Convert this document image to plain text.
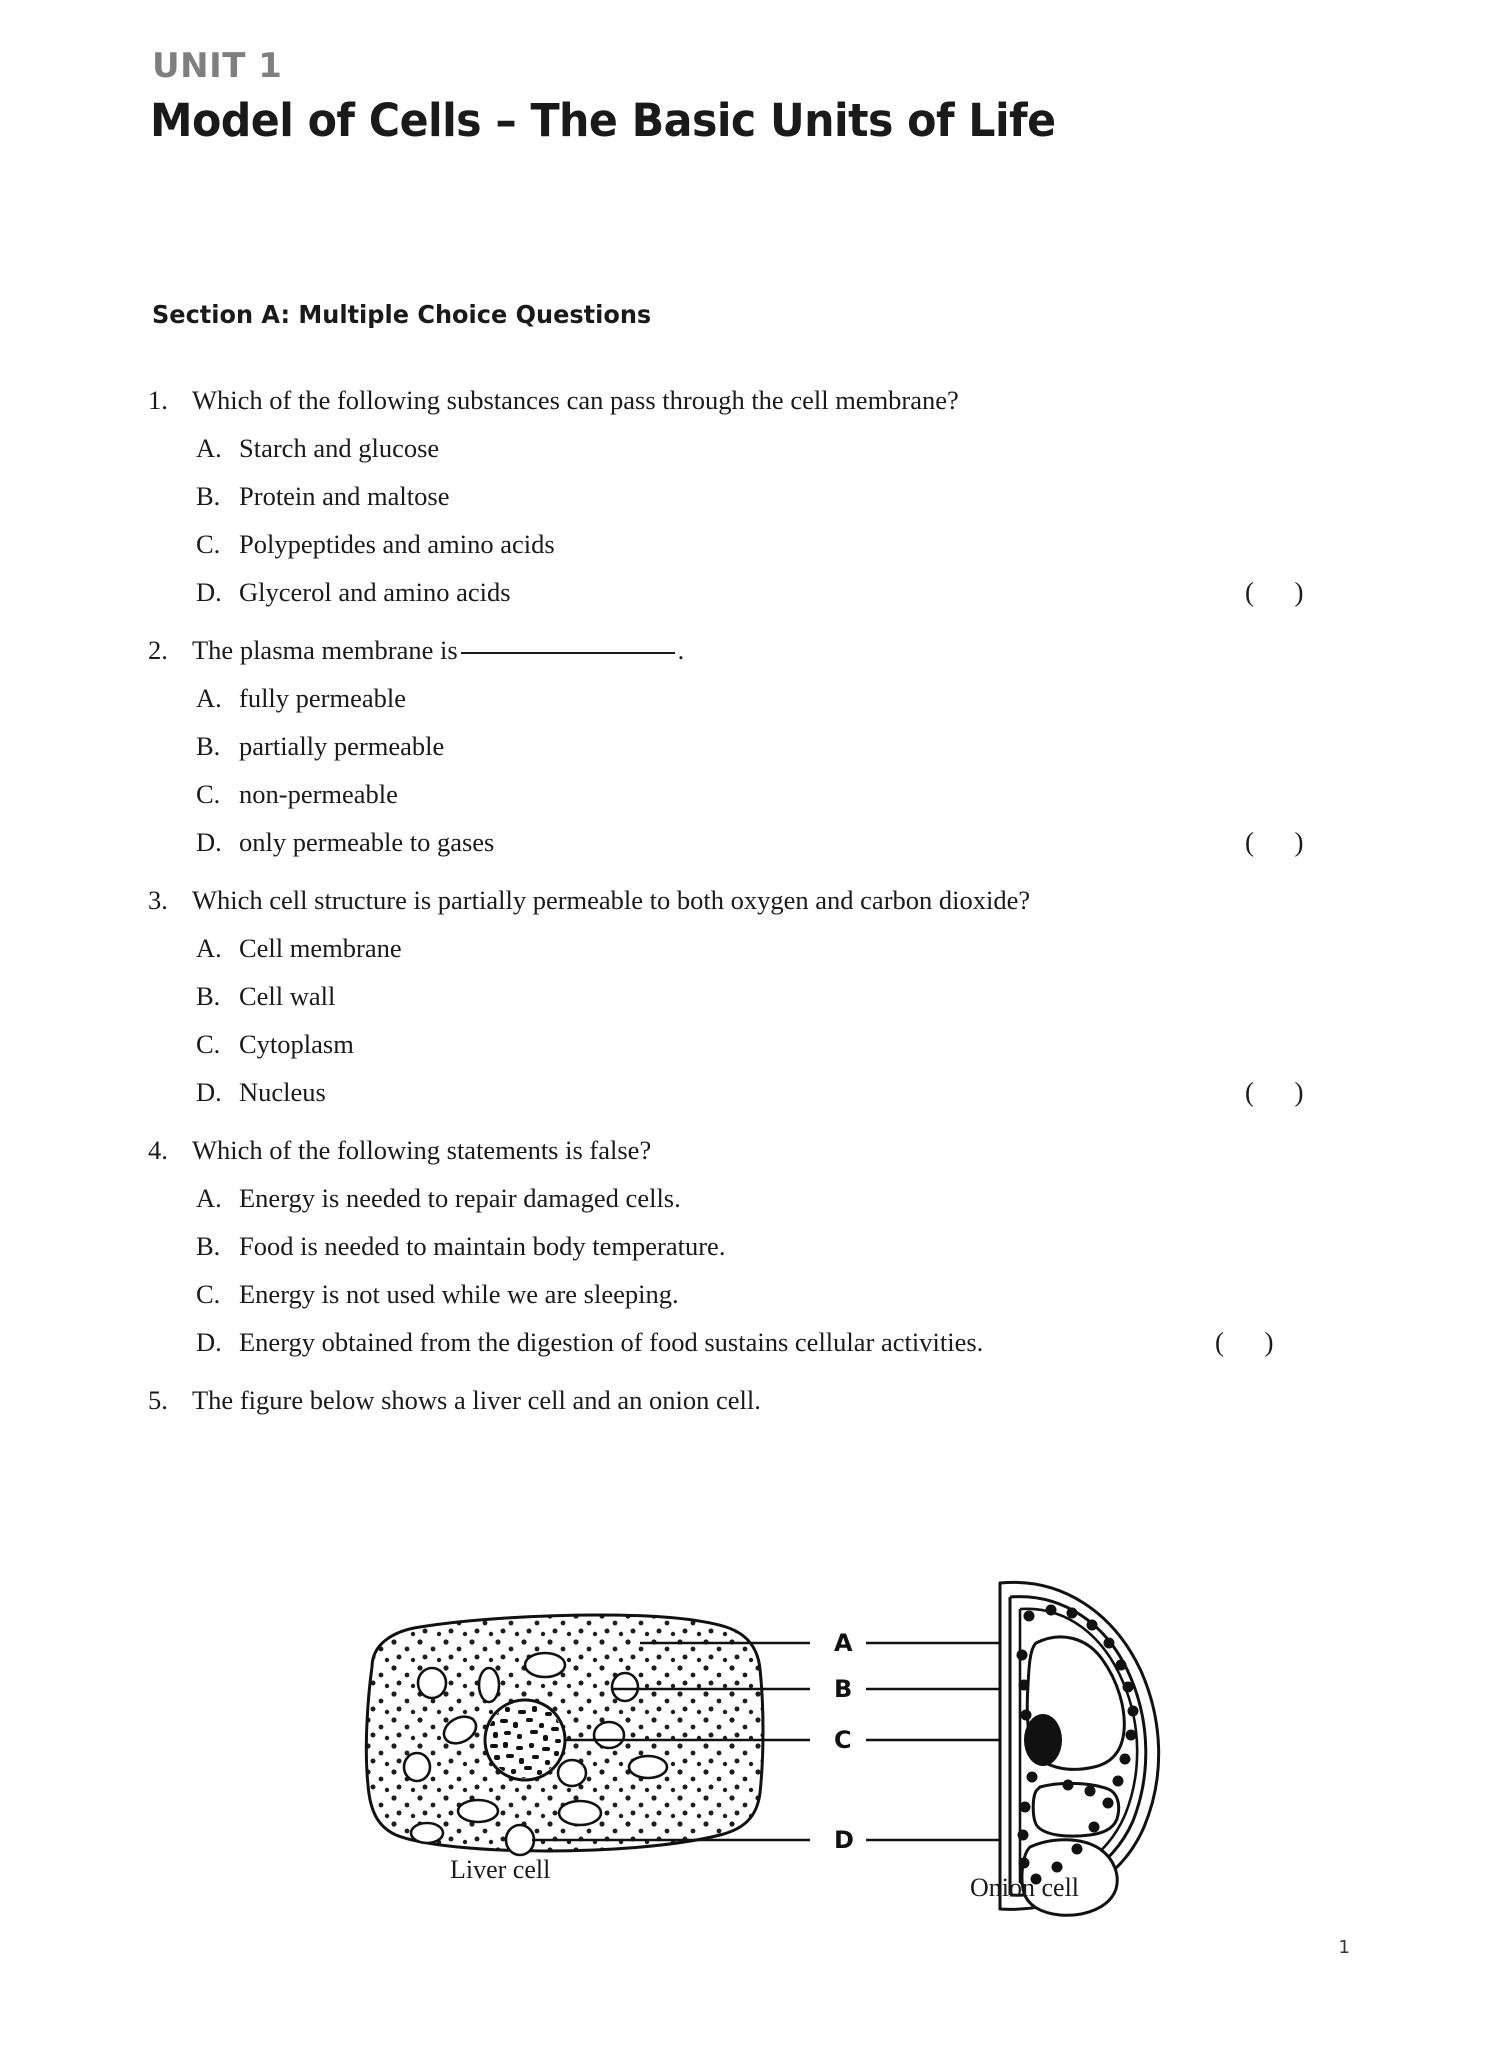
UNIT 1
Model of Cells – The Basic Units of Life
Section A: Multiple Choice Questions
1. Which of the following substances can pass through the cell membrane?
A. Starch and glucose
B. Protein and maltose
C. Polypeptides and amino acids
D. Glycerol and amino acids	(      )
2. The plasma membrane is	.
A. fully permeable
B. partially permeable
C. non-permeable
D. only permeable to gases	(      )
3. Which cell structure is partially permeable to both oxygen and carbon dioxide?
A. Cell membrane
B. Cell wall
C. Cytoplasm
D. Nucleus	(      )
4. Which of the following statements is false?
A. Energy is needed to repair damaged cells.
B. Food is needed to maintain body temperature.
C. Energy is not used while we are sleeping.
D. Energy obtained from the digestion of food sustains cellular activities.	(      )
5. The figure below shows a liver cell and an onion cell.
A
B
C
D
Liver cell
Onion cell
1
